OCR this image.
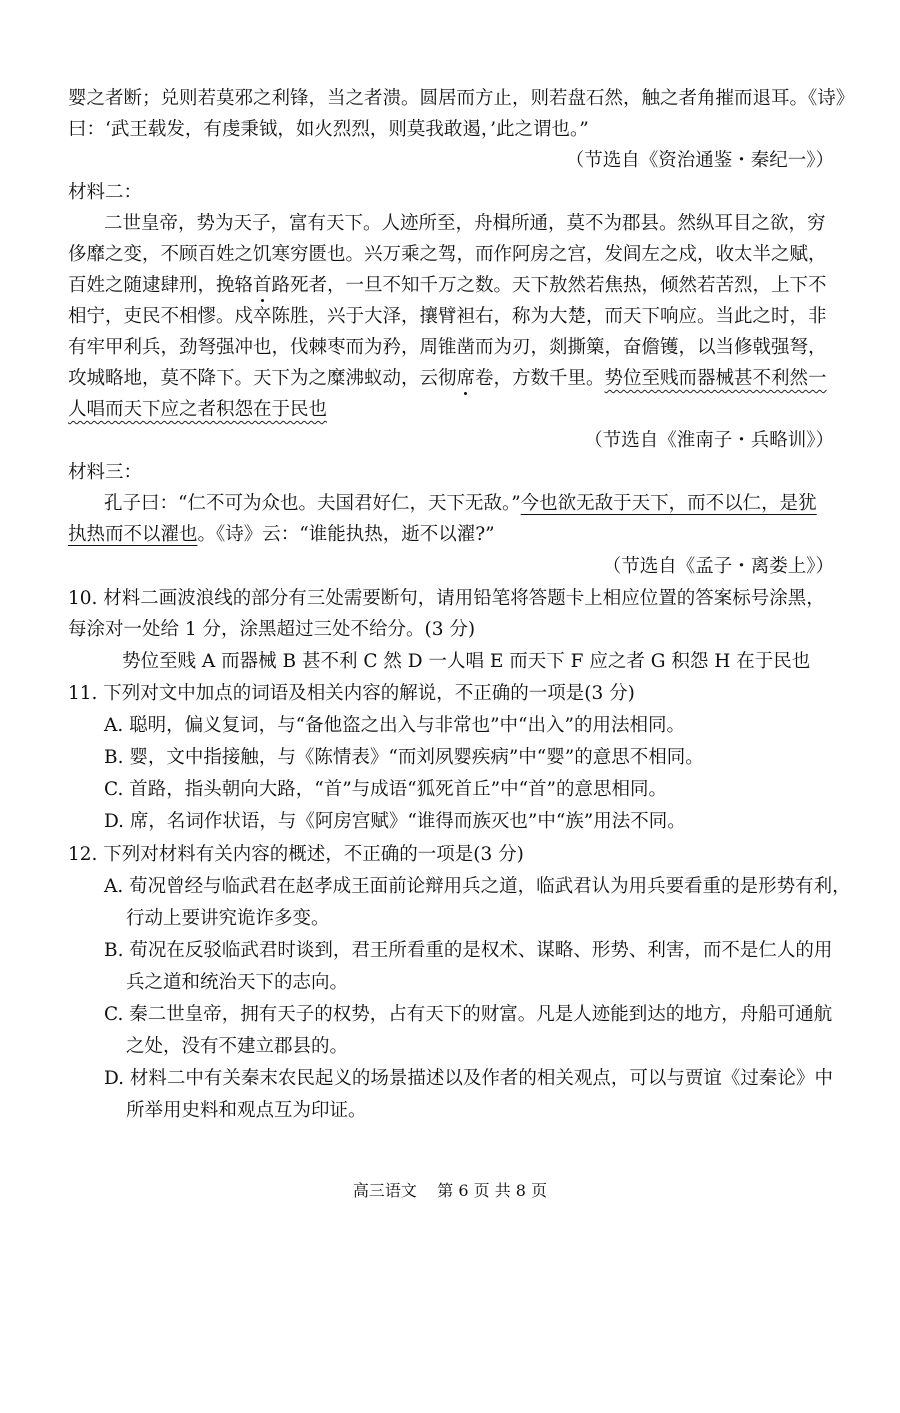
婴之者断；兑则若莫邪之利锋，当之者溃。圆居而方止，则若盘石然，触之者角摧而退耳。《诗》
曰：‘武王载发，有虔秉钺，如火烈烈，则莫我敢遏，’此之谓也。”
（节选自《资治通鉴・秦纪一》）
材料二：
二世皇帝，势为天子，富有天下。人迹所至，舟楫所通，莫不为郡县。然纵耳目之欲，穷
侈靡之变，不顾百姓之饥寒穷匮也。兴万乘之驾，而作阿房之宫，发闾左之戍，收太半之赋，
百姓之随逮肆刑，挽辂首路死者，一旦不知千万之数。天下敖然若焦热，倾然若苦烈，上下不
相宁，吏民不相憀。戍卒陈胜，兴于大泽，攘臂袒右，称为大楚，而天下响应。当此之时，非
有牢甲利兵，劲弩强冲也，伐棘枣而为矜，周锥凿而为刃，剡撕篥，奋儋镬，以当修戟强弩，
攻城略地，莫不降下。天下为之糜沸蚁动，云彻席卷，方数千里。势位至贱而器械甚不利然一
人唱而天下应之者积怨在于民也
（节选自《淮南子・兵略训》）
材料三：
孔子曰：“仁不可为众也。夫国君好仁，天下无敌。”今也欲无敌于天下，而不以仁，是犹
执热而不以濯也。《诗》云：“谁能执热，逝不以濯?”
（节选自《孟子・离娄上》）
10. 材料二画波浪线的部分有三处需要断句，请用铅笔将答题卡上相应位置的答案标号涂黑，
每涂对一处给 1 分，涂黑超过三处不给分。(3 分)
势位至贱 A 而器械 B 甚不利 C 然 D 一人唱 E 而天下 F 应之者 G 积怨 H 在于民也
11. 下列对文中加点的词语及相关内容的解说，不正确的一项是(3 分)
A. 聪明，偏义复词，与“备他盗之出入与非常也”中“出入”的用法相同。
B. 婴，文中指接触，与《陈情表》“而刘夙婴疾病”中“婴”的意思不相同。
C. 首路，指头朝向大路，“首”与成语“狐死首丘”中“首”的意思相同。
D. 席，名词作状语，与《阿房宫赋》“谁得而族灭也”中“族”用法不同。
12. 下列对材料有关内容的概述，不正确的一项是(3 分)
A. 荀况曾经与临武君在赵孝成王面前论辩用兵之道，临武君认为用兵要看重的是形势有利，
行动上要讲究诡诈多变。
B. 荀况在反驳临武君时谈到，君王所看重的是权术、谋略、形势、利害，而不是仁人的用
兵之道和统治天下的志向。
C. 秦二世皇帝，拥有天子的权势，占有天下的财富。凡是人迹能到达的地方，舟船可通航
之处，没有不建立郡县的。
D. 材料二中有关秦末农民起义的场景描述以及作者的相关观点，可以与贾谊《过秦论》中
所举用史料和观点互为印证。
高三语文 第 6 页 共 8 页
